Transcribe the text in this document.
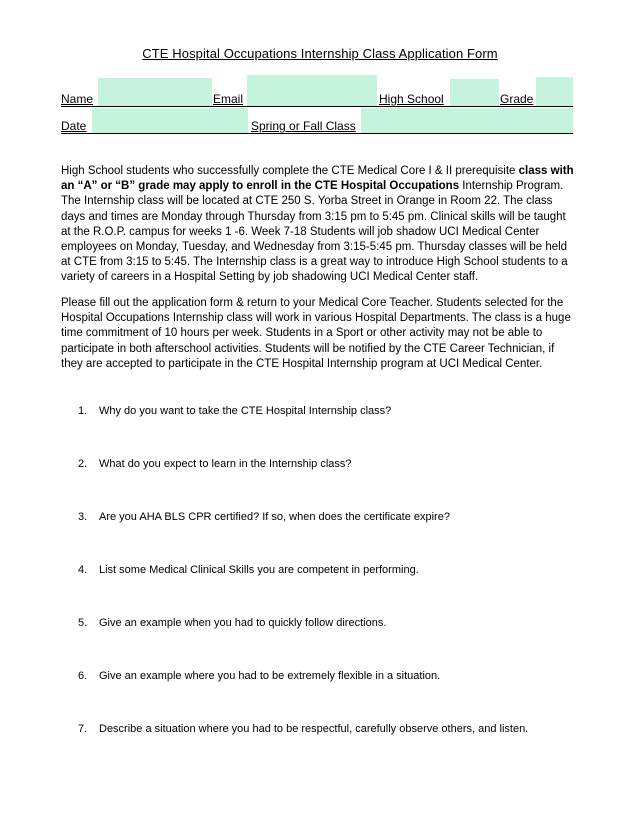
CTE Hospital Occupations Internship Class Application Form
Name	Email	High School	Grade
Date	Spring or Fall Class

High School students who successfully complete the CTE Medical Core I & II prerequisite class with an “A” or “B” grade may apply to enroll in the CTE Hospital Occupations Internship Program. The Internship class will be located at CTE 250 S. Yorba Street in Orange in Room 22. The class days and times are Monday through Thursday from 3:15 pm to 5:45 pm. Clinical skills will be taught at the R.O.P. campus for weeks 1 -6. Week 7-18 Students will job shadow UCI Medical Center employees on Monday, Tuesday, and Wednesday from 3:15-5:45 pm. Thursday classes will be held at CTE from 3:15 to 5:45. The Internship class is a great way to introduce High School students to a variety of careers in a Hospital Setting by job shadowing UCI Medical Center staff.

Please fill out the application form & return to your Medical Core Teacher. Students selected for the Hospital Occupations Internship class will work in various Hospital Departments. The class is a huge time commitment of 10 hours per week. Students in a Sport or other activity may not be able to participate in both afterschool activities. Students will be notified by the CTE Career Technician, if they are accepted to participate in the CTE Hospital Internship program at UCI Medical Center.

1. Why do you want to take the CTE Hospital Internship class?
2. What do you expect to learn in the Internship class?
3. Are you AHA BLS CPR certified? If so, when does the certificate expire?
4. List some Medical Clinical Skills you are competent in performing.
5. Give an example when you had to quickly follow directions.
6. Give an example where you had to be extremely flexible in a situation.
7. Describe a situation where you had to be respectful, carefully observe others, and listen.
